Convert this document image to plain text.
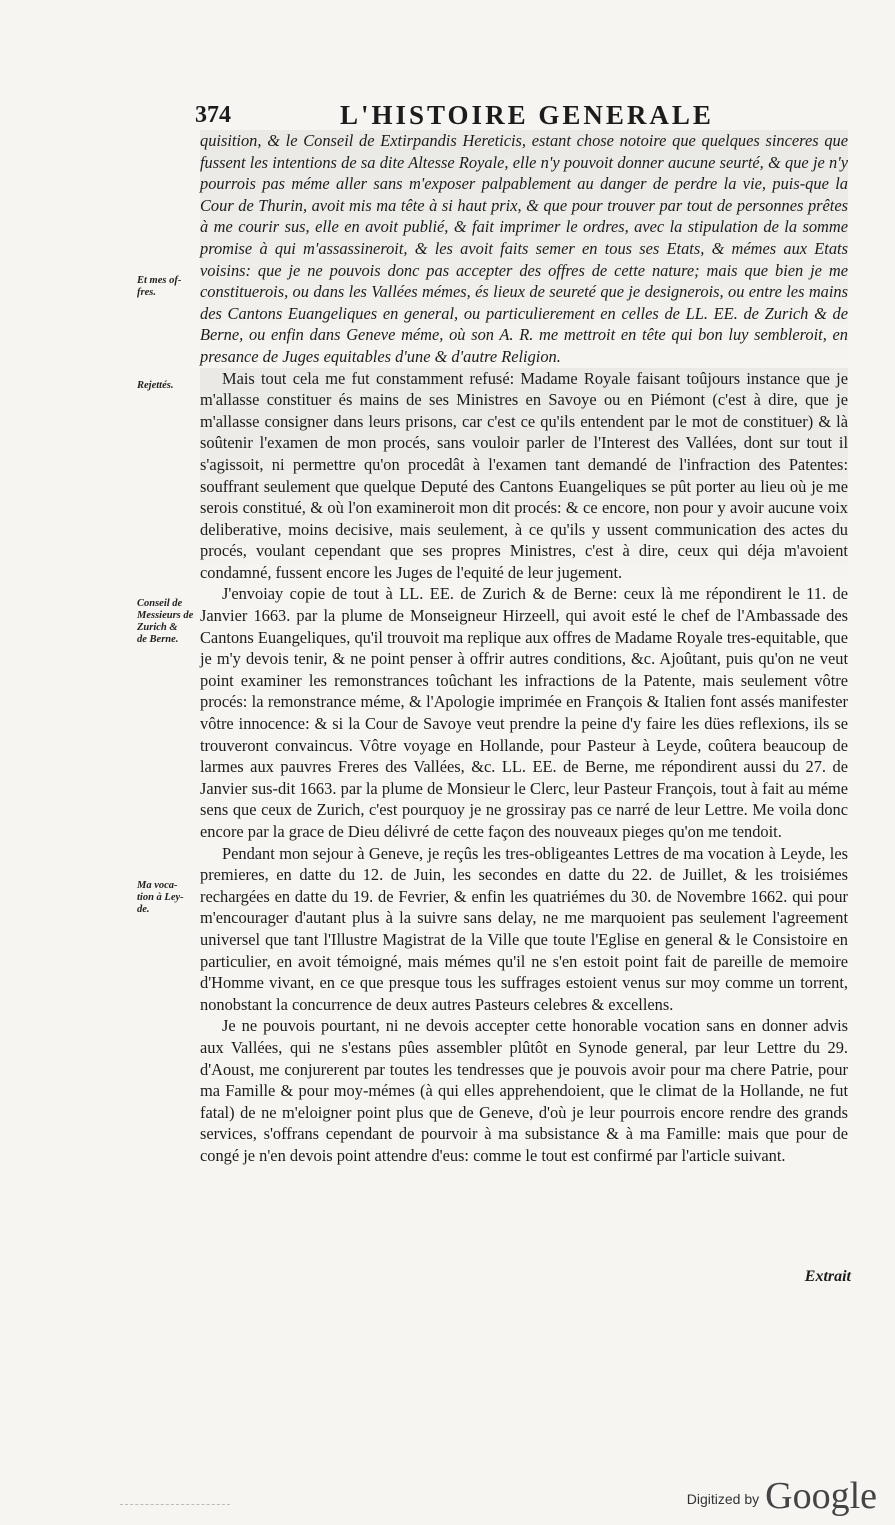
374	L'HISTOIRE GENERALE
Et mes of-
fres.
Rejettés.
Conseil de
Messieurs de
Zurich &
de Berne.
Ma voca-
tion à Ley-
de.

quisition, & le Conseil de Extirpandis Hereticis, estant chose notoire que quelques sinceres que fussent les intentions de sa dite Altesse Royale, elle n'y pouvoit donner aucune seurté, & que je n'y pourrois pas méme aller sans m'exposer palpablement au danger de perdre la vie, puis-que la Cour de Thurin, avoit mis ma tête à si haut prix, & que pour trouver par tout de personnes prêtes à me courir sus, elle en avoit publié, & fait imprimer le ordres, avec la stipulation de la somme promise à qui m'assassineroit, & les avoit faits semer en tous ses Etats, & mémes aux Etats voisins: que je ne pouvois donc pas accepter des offres de cette nature; mais que bien je me constituerois, ou dans les Vallées mémes, és lieux de seureté que je designerois, ou entre les mains des Cantons Euangeliques en general, ou particulierement en celles de LL. EE. de Zurich & de Berne, ou enfin dans Geneve méme, où son A. R. me mettroit en tête qui bon luy sembleroit, en presance de Juges equitables d'une & d'autre Religion.

Mais tout cela me fut constamment refusé: Madame Royale faisant toûjours instance que je m'allasse constituer és mains de ses Ministres en Savoye ou en Piémont (c'est à dire, que je m'allasse consigner dans leurs prisons, car c'est ce qu'ils entendent par le mot de constituer) & là soûtenir l'examen de mon procés, sans vouloir parler de l'Interest des Vallées, dont sur tout il s'agissoit, ni permettre qu'on procedât à l'examen tant demandé de l'infraction des Patentes: souffrant seulement que quelque Deputé des Cantons Euangeliques se pût porter au lieu où je me serois constitué, & où l'on examineroit mon dit procés: & ce encore, non pour y avoir aucune voix deliberative, moins decisive, mais seulement, à ce qu'ils y ussent communication des actes du procés, voulant cependant que ses propres Ministres, c'est à dire, ceux qui déja m'avoient condamné, fussent encore les Juges de l'equité de leur jugement.

J'envoiay copie de tout à LL. EE. de Zurich & de Berne: ceux là me répondirent le 11. de Janvier 1663. par la plume de Monseigneur Hirzeell, qui avoit esté le chef de l'Ambassade des Cantons Euangeliques, qu'il trouvoit ma replique aux offres de Madame Royale tres-equitable, que je m'y devois tenir, & ne point penser à offrir autres conditions, &c. Ajoûtant, puis qu'on ne veut point examiner les remonstrances toûchant les infractions de la Patente, mais seulement vôtre procés: la remonstrance méme, & l'Apologie imprimée en François & Italien font assés manifester vôtre innocence: & si la Cour de Savoye veut prendre la peine d'y faire les dües reflexions, ils se trouveront convaincus. Vôtre voyage en Hollande, pour Pasteur à Leyde, coûtera beaucoup de larmes aux pauvres Freres des Vallées, &c. LL. EE. de Berne, me répondirent aussi du 27. de Janvier sus-dit 1663. par la plume de Monsieur le Clerc, leur Pasteur François, tout à fait au méme sens que ceux de Zurich, c'est pourquoy je ne grossiray pas ce narré de leur Lettre. Me voila donc encore par la grace de Dieu délivré de cette façon des nouveaux pieges qu'on me tendoit.

Pendant mon sejour à Geneve, je reçûs les tres-obligeantes Lettres de ma vocation à Leyde, les premieres, en datte du 12. de Juin, les secondes en datte du 22. de Juillet, & les troisiémes rechargées en datte du 19. de Fevrier, & enfin les quatriémes du 30. de Novembre 1662. qui pour m'encourager d'autant plus à la suivre sans delay, ne me marquoient pas seulement l'agreement universel que tant l'Illustre Magistrat de la Ville que toute l'Eglise en general & le Consistoire en particulier, en avoit témoigné, mais mémes qu'il ne s'en estoit point fait de pareille de memoire d'Homme vivant, en ce que presque tous les suffrages estoient venus sur moy comme un torrent, nonobstant la concurrence de deux autres Pasteurs celebres & excellens.

Je ne pouvois pourtant, ni ne devois accepter cette honorable vocation sans en donner advis aux Vallées, qui ne s'estans pûes assembler plûtôt en Synode general, par leur Lettre du 29. d'Aoust, me conjurerent par toutes les tendresses que je pouvois avoir pour ma chere Patrie, pour ma Famille & pour moy-mémes (à qui elles apprehendoient, que le climat de la Hollande, ne fut fatal) de ne m'eloigner point plus que de Geneve, d'où je leur pourrois encore rendre des grands services, s'offrans cependant de pourvoir à ma subsistance & à ma Famille: mais que pour de congé je n'en devois point attendre d'eus: comme le tout est confirmé par l'article suivant.

Extrait
Digitized by Google
